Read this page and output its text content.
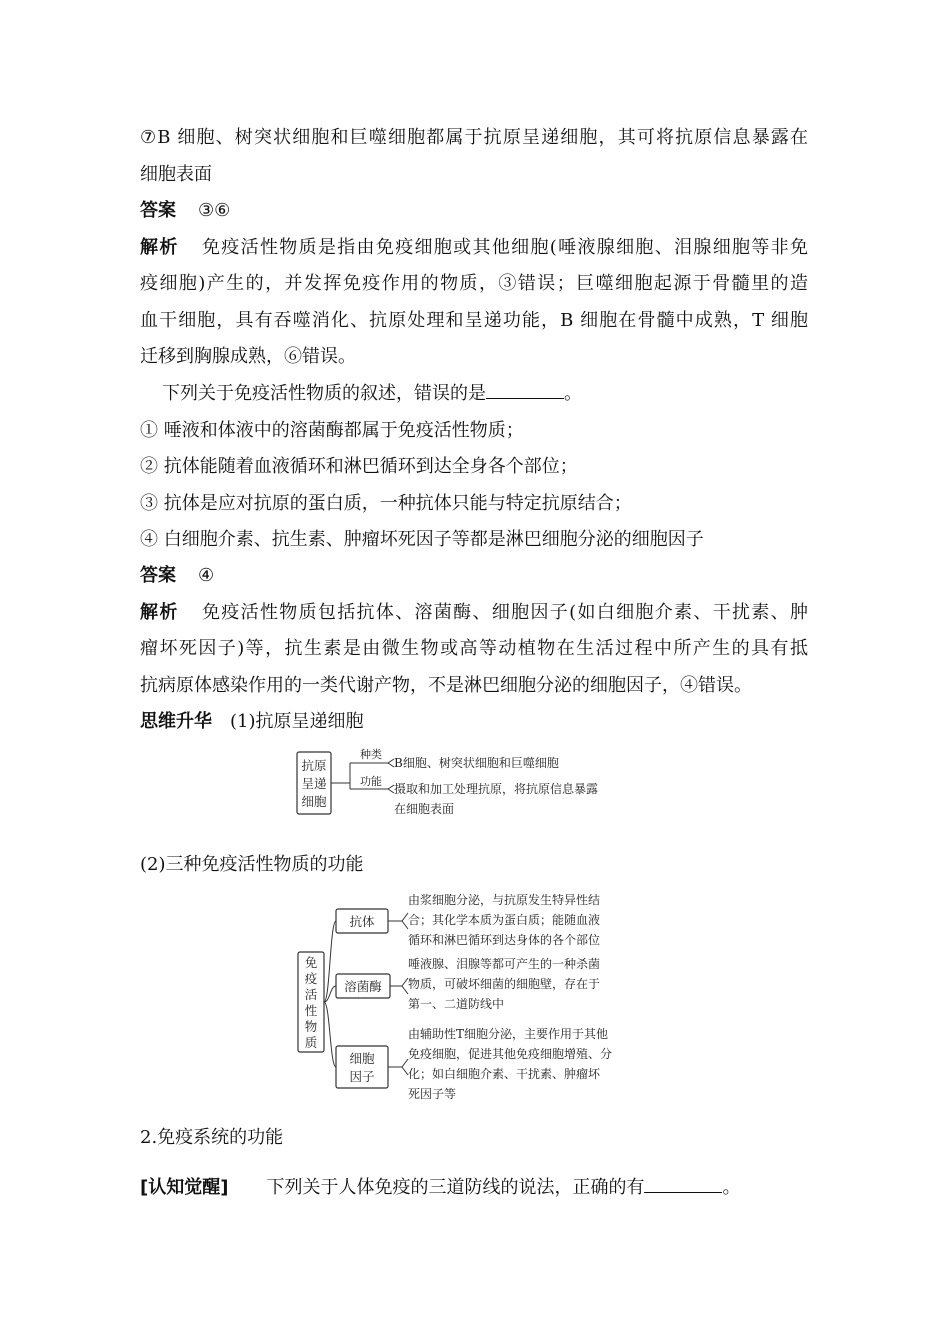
⑦B 细胞、树突状细胞和巨噬细胞都属于抗原呈递细胞，其可将抗原信息暴露在
细胞表面
答案 ③⑥
解析 免疫活性物质是指由免疫细胞或其他细胞(唾液腺细胞、泪腺细胞等非免
疫细胞)产生的，并发挥免疫作用的物质，③错误；巨噬细胞起源于骨髓里的造
血干细胞，具有吞噬消化、抗原处理和呈递功能，B 细胞在骨髓中成熟，T 细胞
迁移到胸腺成熟，⑥错误。
下列关于免疫活性物质的叙述，错误的是	。
① 唾液和体液中的溶菌酶都属于免疫活性物质；
② 抗体能随着血液循环和淋巴循环到达全身各个部位；
③ 抗体是应对抗原的蛋白质，一种抗体只能与特定抗原结合；
④ 白细胞介素、抗生素、肿瘤坏死因子等都是淋巴细胞分泌的细胞因子
答案 ④
解析 免疫活性物质包括抗体、溶菌酶、细胞因子(如白细胞介素、干扰素、肿
瘤坏死因子)等，抗生素是由微生物或高等动植物在生活过程中所产生的具有抵
抗病原体感染作用的一类代谢产物，不是淋巴细胞分泌的细胞因子，④错误。
思维升华 (1)抗原呈递细胞
抗原
呈递
细胞
种类
功能
B细胞、树突状细胞和巨噬细胞
摄取和加工处理抗原，将抗原信息暴露
在细胞表面
(2)三种免疫活性物质的功能
免
疫
活
性
物
质
抗体
由浆细胞分泌，与抗原发生特异性结
合；其化学本质为蛋白质；能随血液
循环和淋巴循环到达身体的各个部位
溶菌酶
唾液腺、泪腺等都可产生的一种杀菌
物质，可破坏细菌的细胞壁，存在于
第一、二道防线中
细胞
因子
由辅助性T细胞分泌，主要作用于其他
免疫细胞，促进其他免疫细胞增殖、分
化；如白细胞介素、干扰素、肿瘤坏
死因子等
2.免疫系统的功能
[认知觉醒] 下列关于人体免疫的三道防线的说法，正确的有	。
